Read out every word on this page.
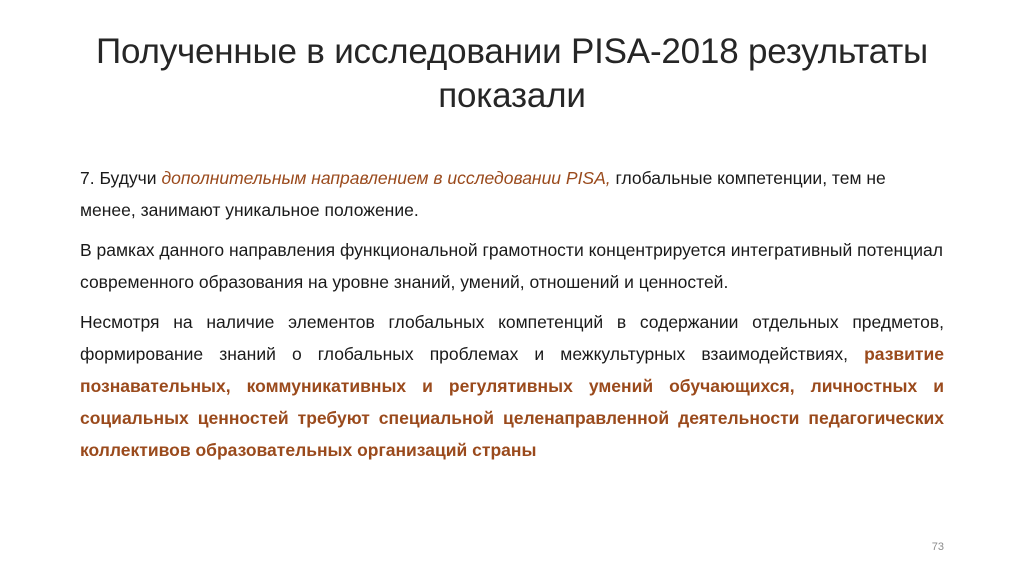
Полученные в исследовании PISA-2018 результаты показали

7. Будучи дополнительным направлением в исследовании PISA, глобальные компетенции, тем не менее, занимают уникальное положение.

В рамках данного направления функциональной грамотности концентрируется интегративный потенциал современного образования на уровне знаний, умений, отношений и ценностей.

Несмотря на наличие элементов глобальных компетенций в содержании отдельных предметов, формирование знаний о глобальных проблемах и межкультурных взаимодействиях, развитие познавательных, коммуникативных и регулятивных умений обучающихся, личностных и социальных ценностей требуют специальной целенаправленной деятельности педагогических коллективов образовательных организаций страны

73
